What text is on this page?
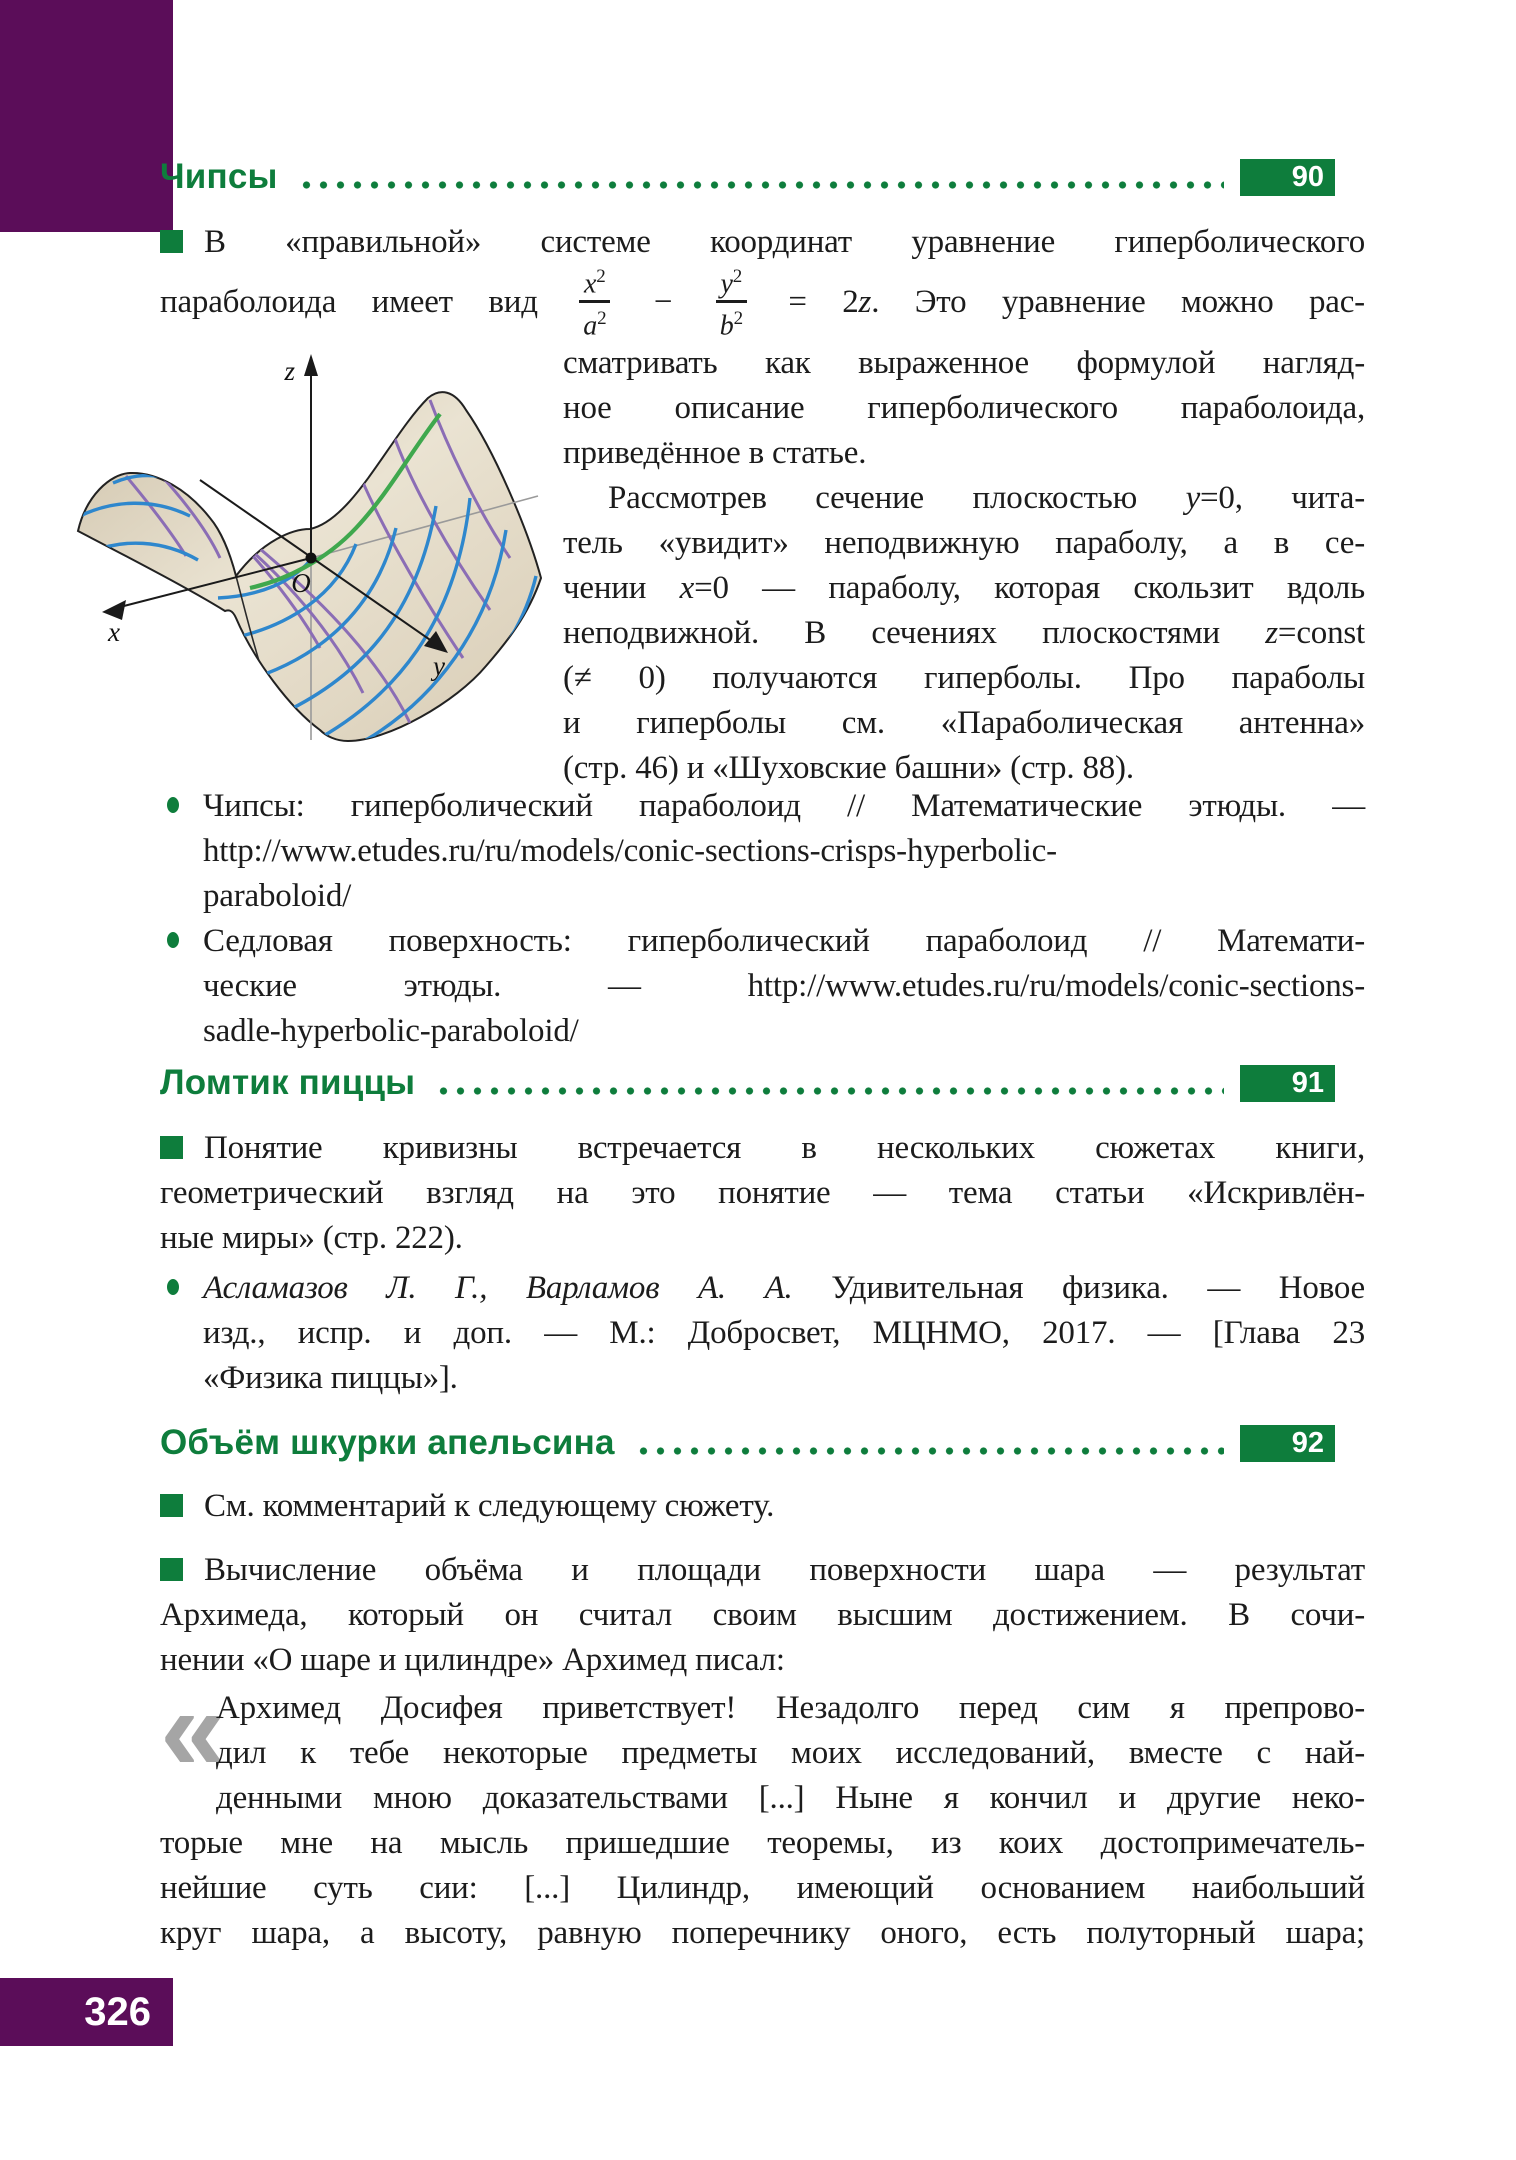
Чипсы	90
В «правильной» системе координат уравнение гиперболического
параболоида имеет вид $\frac{x^2}{a^2} - \frac{y^2}{b^2} = 2z$. Это уравнение можно рас-
z
x
y
O
сматривать как выраженное формулой нагляд-
ное описание гиперболического параболоида,
приведённое в статье.
Рассмотрев сечение плоскостью y=0, чита-
тель «увидит» неподвижную параболу, а в се-
чении x=0 — параболу, которая скользит вдоль
неподвижной. В сечениях плоскостями z=const
(≠ 0) получаются гиперболы. Про параболы
и гиперболы см. «Параболическая антенна»
(стр. 46) и «Шуховские башни» (стр. 88).
Чипсы: гиперболический параболоид // Математические этюды. —
http://www.etudes.ru/ru/models/conic-sections-crisps-hyperbolic-
paraboloid/
Седловая поверхность: гиперболический параболоид // Математи-
ческие этюды. — http://www.etudes.ru/ru/models/conic-sections-
sadle-hyperbolic-paraboloid/
Ломтик пиццы	91
Понятие кривизны встречается в нескольких сюжетах книги,
геометрический взгляд на это понятие — тема статьи «Искривлён-
ные миры» (стр. 222).
Асламазов Л. Г., Варламов А. А. Удивительная физика. — Новое
изд., испр. и доп. — М.: Добросвет, МЦНМО, 2017. — [Глава 23
«Физика пиццы»].
Объём шкурки апельсина	92
См. комментарий к следующему сюжету.
Вычисление объёма и площади поверхности шара — результат
Архимеда, который он считал своим высшим достижением. В сочи-
нении «О шаре и цилиндре» Архимед писал:
«
Архимед Досифея приветствует! Незадолго перед сим я препрово-
дил к тебе некоторые предметы моих исследований, вместе с най-
денными мною доказательствами [...] Ныне я кончил и другие неко-
торые мне на мысль пришедшие теоремы, из коих достопримечатель-
нейшие суть сии: [...] Цилиндр, имеющий основанием наибольший
круг шара, а высоту, равную поперечнику оного, есть полуторный шара;
326
